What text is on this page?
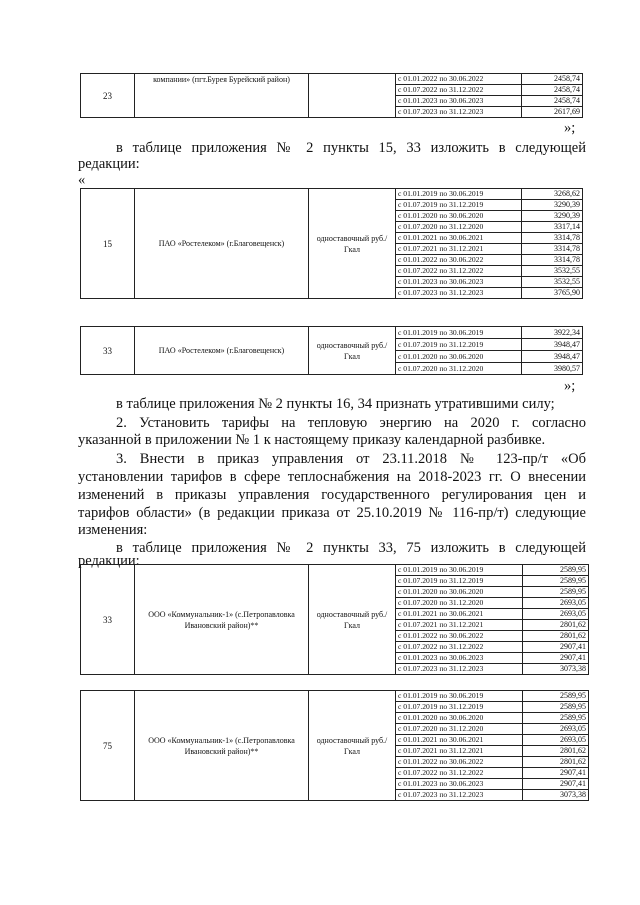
23	компании» (пгт.Бурея Бурейский район)		с 01.01.2022 по 30.06.2022	2458,74
			с 01.07.2022 по 31.12.2022	2458,74
			с 01.01.2023 по 30.06.2023	2458,74
			с 01.07.2023 по 31.12.2023	2617,69
»;
в таблице приложения № 2 пункты 15, 33 изложить в следующей
редакции:
«
15	ПАО «Ростелеком» (г.Благовещенск)	одноставочный руб./Гкал	с 01.01.2019 по 30.06.2019	3268,62
			с 01.07.2019 по 31.12.2019	3290,39
			с 01.01.2020 по 30.06.2020	3290,39
			с 01.07.2020 по 31.12.2020	3317,14
			с 01.01.2021 по 30.06.2021	3314,78
			с 01.07.2021 по 31.12.2021	3314,78
			с 01.01.2022 по 30.06.2022	3314,78
			с 01.07.2022 по 31.12.2022	3532,55
			с 01.01.2023 по 30.06.2023	3532,55
			с 01.07.2023 по 31.12.2023	3765,90
33	ПАО «Ростелеком» (г.Благовещенск)	одноставочный руб./Гкал	с 01.01.2019 по 30.06.2019	3922,34
			с 01.07.2019 по 31.12.2019	3948,47
			с 01.01.2020 по 30.06.2020	3948,47
			с 01.07.2020 по 31.12.2020	3980,57
»;
в таблице приложения № 2 пункты 16, 34 признать утратившими силу;
2. Установить тарифы на тепловую энергию на 2020 г. согласно
указанной в приложении № 1 к настоящему приказу календарной разбивке.
3. Внести в приказ управления от 23.11.2018 № 123-пр/т «Об
установлении тарифов в сфере теплоснабжения на 2018-2023 гг. О внесении
изменений в приказы управления государственного регулирования цен и
тарифов области» (в редакции приказа от 25.10.2019 № 116-пр/т) следующие
изменения:
в таблице приложения № 2 пункты 33, 75 изложить в следующей
редакции:
33	ООО «Коммунальник-1» (с.Петропавловка Ивановский район)**	одноставочный руб./Гкал	с 01.01.2019 по 30.06.2019	2589,95
			с 01.07.2019 по 31.12.2019	2589,95
			с 01.01.2020 по 30.06.2020	2589,95
			с 01.07.2020 по 31.12.2020	2693,05
			с 01.01.2021 по 30.06.2021	2693,05
			с 01.07.2021 по 31.12.2021	2801,62
			с 01.01.2022 по 30.06.2022	2801,62
			с 01.07.2022 по 31.12.2022	2907,41
			с 01.01.2023 по 30.06.2023	2907,41
			с 01.07.2023 по 31.12.2023	3073,38
75	ООО «Коммунальник-1» (с.Петропавловка Ивановский район)**	одноставочный руб./Гкал	с 01.01.2019 по 30.06.2019	2589,95
			с 01.07.2019 по 31.12.2019	2589,95
			с 01.01.2020 по 30.06.2020	2589,95
			с 01.07.2020 по 31.12.2020	2693,05
			с 01.01.2021 по 30.06.2021	2693,05
			с 01.07.2021 по 31.12.2021	2801,62
			с 01.01.2022 по 30.06.2022	2801,62
			с 01.07.2022 по 31.12.2022	2907,41
			с 01.01.2023 по 30.06.2023	2907,41
			с 01.07.2023 по 31.12.2023	3073,38
